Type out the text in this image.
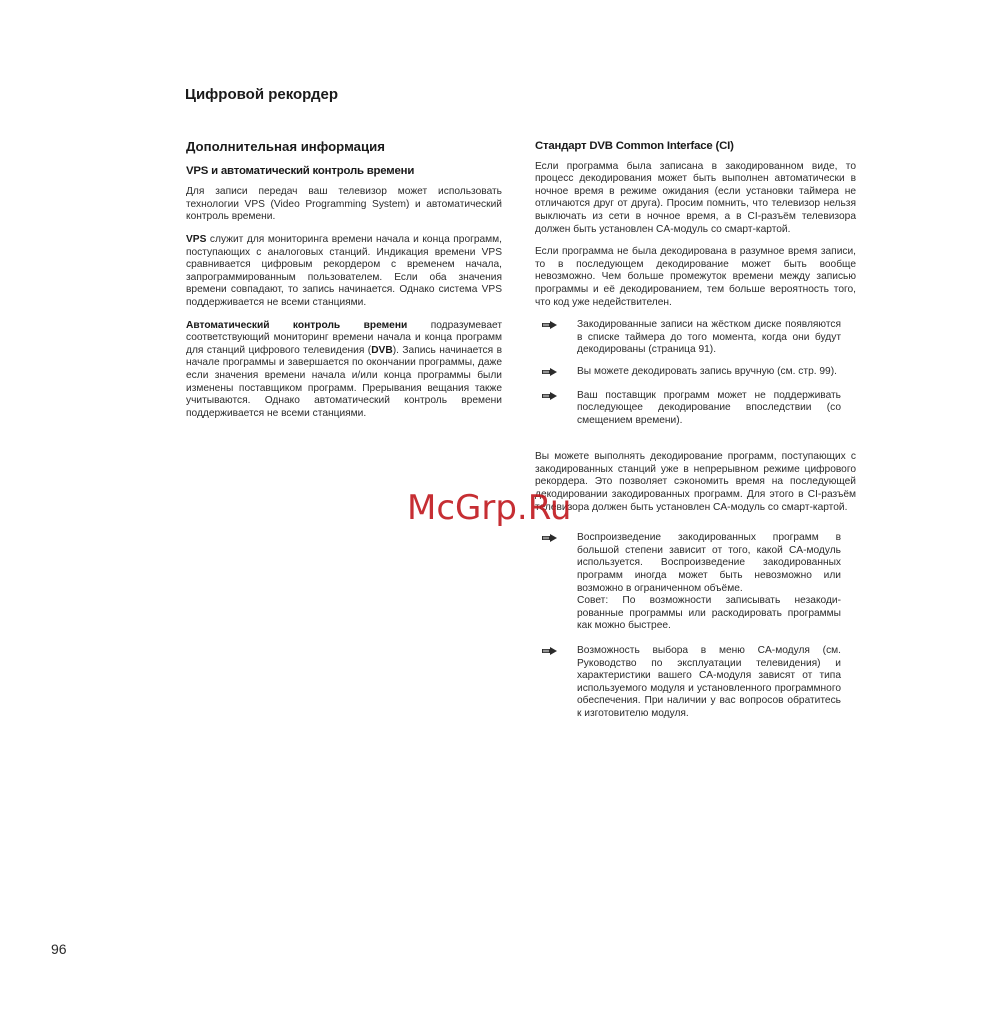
Цифровой рекордер
Дополнительная информация
VPS и автоматический контроль времени

Для записи передач ваш телевизор может использовать технологии VPS (Video Programming System) и автоматический контроль времени.

VPS служит для мониторинга времени начала и конца программ, поступающих с аналоговых станций. Индикация времени VPS сравнивается цифровым рекордером с временем начала, запрограммированным пользователем. Если оба значения времени совпадают, то запись начинается. Однако система VPS поддерживается не всеми станциями.

Автоматический контроль времени подразумевает соответствующий мониторинг времени начала и конца программ для станций цифрового телевидения (DVB). Запись начинается в начале программы и завершается по окончании программы, даже если значения времени начала и/или конца программы были изменены поставщиком программ. Прерывания вещания также учитываются. Однако автоматический контроль времени поддерживается не всеми станциями.

Стандарт DVB Common Interface (CI)

Если программа была записана в закодированном виде, то процесс декодирования может быть выполнен автоматически в ночное время в режиме ожидания (если установки таймера не отличаются друг от друга). Просим помнить, что телевизор нельзя выключать из сети в ночное время, а в CI-разъём телевизора должен быть установлен CA-модуль со смарт-картой.

Если программа не была декодирована в разумное время записи, то в последующем декодирование может быть вообще невозможно. Чем больше промежуток времени между записью программы и её декодированием, тем больше вероятность того, что код уже недействителен.

Закодированные записи на жёстком диске появляются в списке таймера до того момента, когда они будут декодированы (страница 91).
Вы можете декодировать запись вручную (см. стр. 99).
Ваш поставщик программ может не поддерживать последующее декодирование впоследствии (со смещением времени).

Вы можете выполнять декодирование программ, поступающих с закодированных станций уже в непрерывном режиме цифрового рекордера. Это позволяет сэкономить время на последующей декодировании закодированных программ. Для этого в CI-разъём телевизора должен быть установлен CA-модуль со смарт-картой.

Воспроизведение закодированных программ в большой степени зависит от того, какой CA-модуль используется. Воспроизведение закодированных программ иногда может быть невозможно или возможно в ограниченном объёме.
Совет: По возможности записывать незакоди-рованные программы или раскодировать программы как можно быстрее.
Возможность выбора в меню CA-модуля (см. Руководство по эксплуатации телевидения) и характеристики вашего CA-модуля зависят от типа используемого модуля и установленного программного обеспечения. При наличии у вас вопросов обратитесь к изготовителю модуля.
McGrp.Ru
96
